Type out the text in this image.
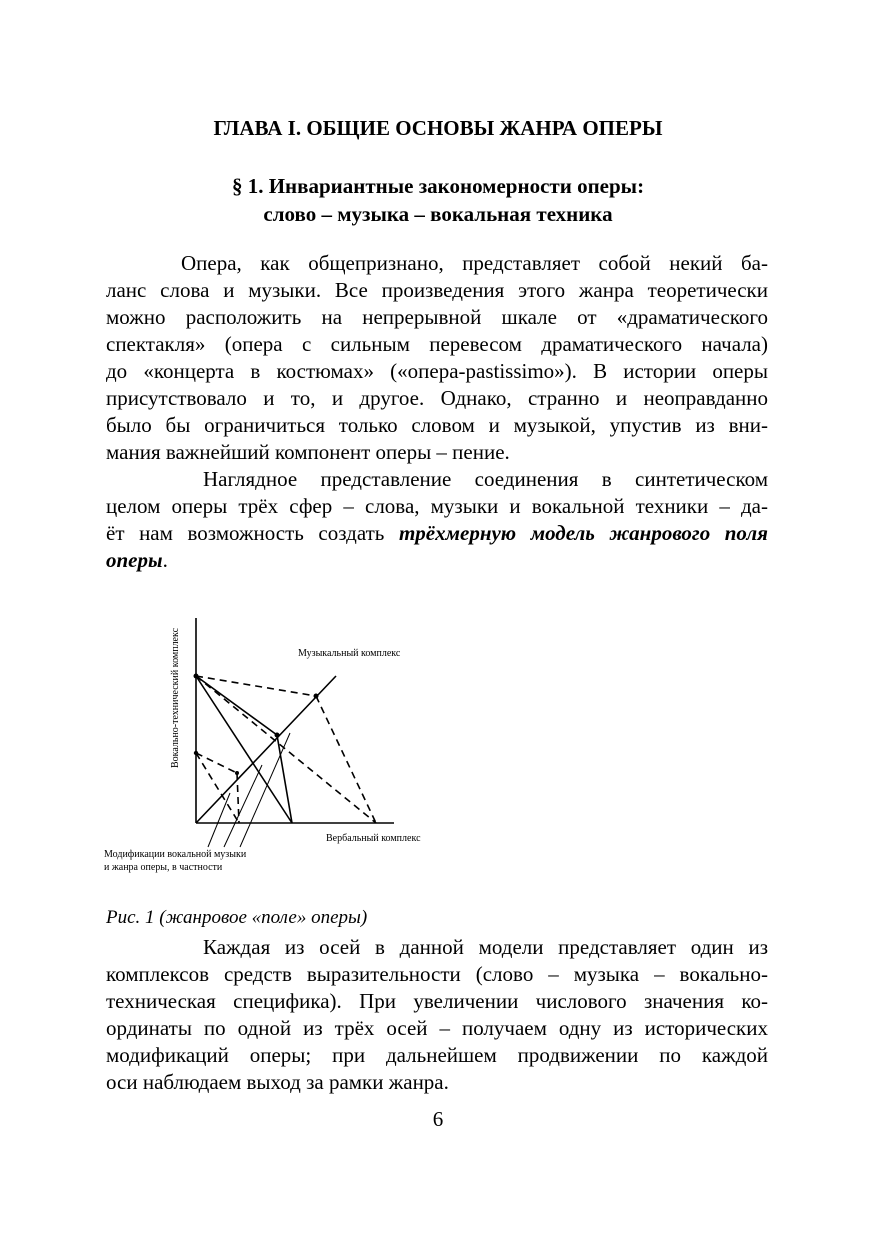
ГЛАВА I. ОБЩИЕ ОСНОВЫ ЖАНРА ОПЕРЫ
§ 1. Инвариантные закономерности оперы:
слово – музыка – вокальная техника
Опера, как общепризнано, представляет собой некий ба-
ланс слова и музыки. Все произведения этого жанра теоретически
можно расположить на непрерывной шкале от «драматического
спектакля» (опера с сильным перевесом драматического начала)
до «концерта в костюмах» («опера-pastissimo»). В истории оперы
присутствовало и то, и другое. Однако, странно и неоправданно
было бы ограничиться только словом и музыкой, упустив из вни-
мания важнейший компонент оперы – пение.
Наглядное представление соединения в синтетическом
целом оперы трёх сфер – слова, музыки и вокальной техники – да-
ёт нам возможность создать трёхмерную модель жанрового поля
оперы.
Вокально-технический комплекс	Музыкальный комплекс
Вербальный комплекс
Модификации вокальной музыки
и жанра оперы, в частности
Рис. 1 (жанровое «поле» оперы)
Каждая из осей в данной модели представляет один из
комплексов средств выразительности (слово – музыка – вокально-
техническая специфика). При увеличении числового значения ко-
ординаты по одной из трёх осей – получаем одну из исторических
модификаций оперы; при дальнейшем продвижении по каждой
оси наблюдаем выход за рамки жанра.
6
